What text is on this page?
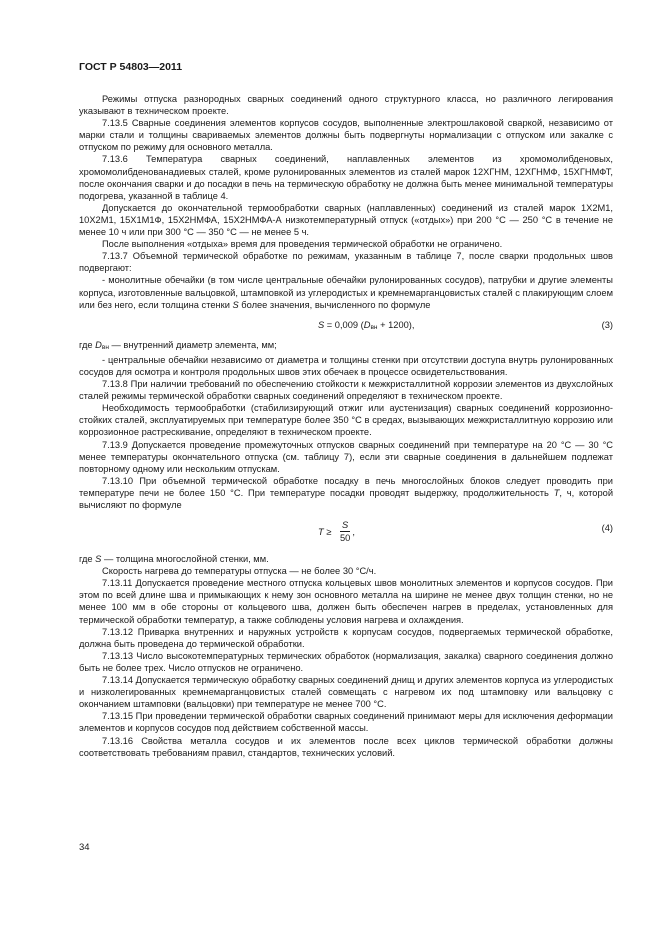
ГОСТ Р 54803—2011

Режимы отпуска разнородных сварных соединений одного структурного класса, но различного легирования указывают в техническом проекте.

7.13.5 Сварные соединения элементов корпусов сосудов, выполненные электрошлаковой сваркой, независимо от марки стали и толщины свариваемых элементов должны быть подвергнуты нормализации с отпуском или закалке с отпуском по режиму для основного металла.

7.13.6 Температура сварных соединений, наплавленных элементов из хромомолибденовых, хромомолибденованадиевых сталей, кроме рулонированных элементов из сталей марок 12ХГНМ, 12ХГНМФ, 15ХГНМФТ, после окончания сварки и до посадки в печь на термическую обработку не должна быть менее минимальной температуры подогрева, указанной в таблице 4.

Допускается до окончательной термообработки сварных (наплавленных) соединений из сталей марок 1Х2М1, 10Х2М1, 15Х1М1Ф, 15Х2НМФА, 15Х2НМФА-А низкотемпературный отпуск («отдых») при 200 °С — 250 °С в течение не менее 10 ч или при 300 °С — 350 °С — не менее 5 ч.

После выполнения «отдыха» время для проведения термической обработки не ограничено.

7.13.7 Объемной термической обработке по режимам, указанным в таблице 7, после сварки продольных швов подвергают:

- монолитные обечайки (в том числе центральные обечайки рулонированных сосудов), патрубки и другие элементы корпуса, изготовленные вальцовкой, штамповкой из углеродистых и кремнемарганцовистых сталей с плакирующим слоем или без него, если толщина стенки S более значения, вычисленного по формуле

S = 0,009 $(D_{вн} + 1200)$,	(3)

где $D_{вн}$ — внутренний диаметр элемента, мм;

- центральные обечайки независимо от диаметра и толщины стенки при отсутствии доступа внутрь рулонированных сосудов для осмотра и контроля продольных швов этих обечаек в процессе освидетельствования.

7.13.8 При наличии требований по обеспечению стойкости к межкристаллитной коррозии элементов из двухслойных сталей режимы термической обработки сварных соединений определяют в техническом проекте.

Необходимость термообработки (стабилизирующий отжиг или аустенизация) сварных соединений коррозионно-стойких сталей, эксплуатируемых при температуре более 350 °С в средах, вызывающих межкристаллитную коррозию или коррозионное растрескивание, определяют в техническом проекте.

7.13.9 Допускается проведение промежуточных отпусков сварных соединений при температуре на 20 °С — 30 °С менее температуры окончательного отпуска (см. таблицу 7), если эти сварные соединения в дальнейшем подлежат повторному одному или нескольким отпускам.

7.13.10 При объемной термической обработке посадку в печь многослойных блоков следует проводить при температуре печи не более 150 °С. При температуре посадки проводят выдержку, продолжительность Т, ч, которой вычисляют по формуле

$T \ge \frac{S}{50}$ ,	(4)

где S — толщина многослойной стенки, мм.

Скорость нагрева до температуры отпуска — не более 30 °С/ч.

7.13.11 Допускается проведение местного отпуска кольцевых швов монолитных элементов и корпусов сосудов. При этом по всей длине шва и примыкающих к нему зон основного металла на ширине не менее двух толщин стенки, но не менее 100 мм в обе стороны от кольцевого шва, должен быть обеспечен нагрев в пределах, установленных для термической обработки температур, а также соблюдены условия нагрева и охлаждения.

7.13.12 Приварка внутренних и наружных устройств к корпусам сосудов, подвергаемых термической обработке, должна быть проведена до термической обработки.

7.13.13 Число высокотемпературных термических обработок (нормализация, закалка) сварного соединения должно быть не более трех. Число отпусков не ограничено.

7.13.14 Допускается термическую обработку сварных соединений днищ и других элементов корпуса из углеродистых и низколегированных кремнемарганцовистых сталей совмещать с нагревом их под штамповку или вальцовку с окончанием штамповки (вальцовки) при температуре не менее 700 °С.

7.13.15 При проведении термической обработки сварных соединений принимают меры для исключения деформации элементов и корпусов сосудов под действием собственной массы.

7.13.16 Свойства металла сосудов и их элементов после всех циклов термической обработки должны соответствовать требованиям правил, стандартов, технических условий.

34
